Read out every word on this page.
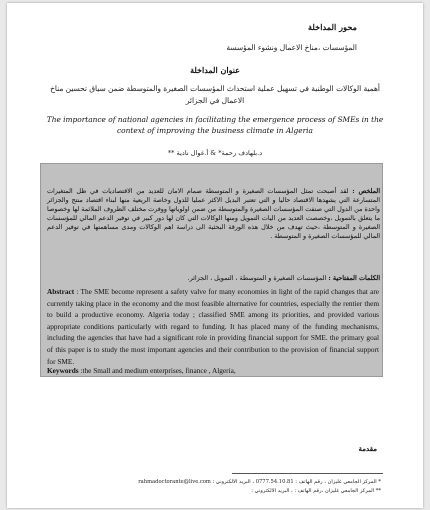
محور المداخلة
المؤسسات ،مناخ الاعمال ونشوء المؤسسة
عنوان المداخلة
أهمية الوكالات الوطنية في تسهيل عملية استحداث المؤسسات الصغيرة والمتوسطة ضمن سياق تحسين مناخ الاعمال في الجزائر
The importance of national agencies in facilitating the emergence process of SMEs in the context of improving the business climate in Algeria
د.بلهادف رحمة* & أ.غوال نادية **
الملخص : لقد أصبحت تمثل المؤسسات الصغيرة و المتوسطة صمام الامان للعديد من الاقتصاديات في ظل المتغيرات المتسارعة التي يشهدها الاقتصاد حاليا و التي تعتبر البديل الاكثر عمليا للدول وخاصة الريعية منها لبناء اقتصاد منتج والجزائر واحدة من الدول التي صنفت المؤسسات الصغيرة والمتوسطة من ضمن اولوياتها ووفرت مختلف الظروف الملائمة لها وخصوصا ما يتعلق بالتمويل ،وخصصت العديد من اليات التمويل ومنها الوكالات التي كان لها دور كبير في توفير الدعم المالي للمؤسسات الصغيرة و المتوسطة ،حيث تهدف من خلال هذه الورقة البحثية الى دراسة اهم الوكالات ومدى مساهمتها في توفير الدعم المالي للمؤسسات الصغيرة و المتوسطة .
الكلمات المفتاحية : المؤسسات الصغيرة و المتوسطة ، التمويل ، الجزائر.
Abstract : The SME become represent a safety valve for many economies in light of the rapid changes that are currently taking place in the economy and the most feasible alternative for countries, especially the rentier them to build a productive economy. Algeria today ; classified SME among its priorities, and provided various appropriate conditions particularly with regard to funding. It has placed many of the funding mechanisms, including the agencies that have had a significant role in providing financial support for SME. the primary goal of this paper is to study the most important agencies and their contribution to the provision of financial support for SME.
Keywords :the Small and medium enterprises, finance , Algeria,
مقدمة
* المركز الجامعي غليزان ، رقم الهاتف : 0777.54.10.81 ، البريد الالكتروني : rahmadoctorante@live.com
** المركز الجامعي غليزان ،رقم الهاتف : ، البريد الالكتروني :
